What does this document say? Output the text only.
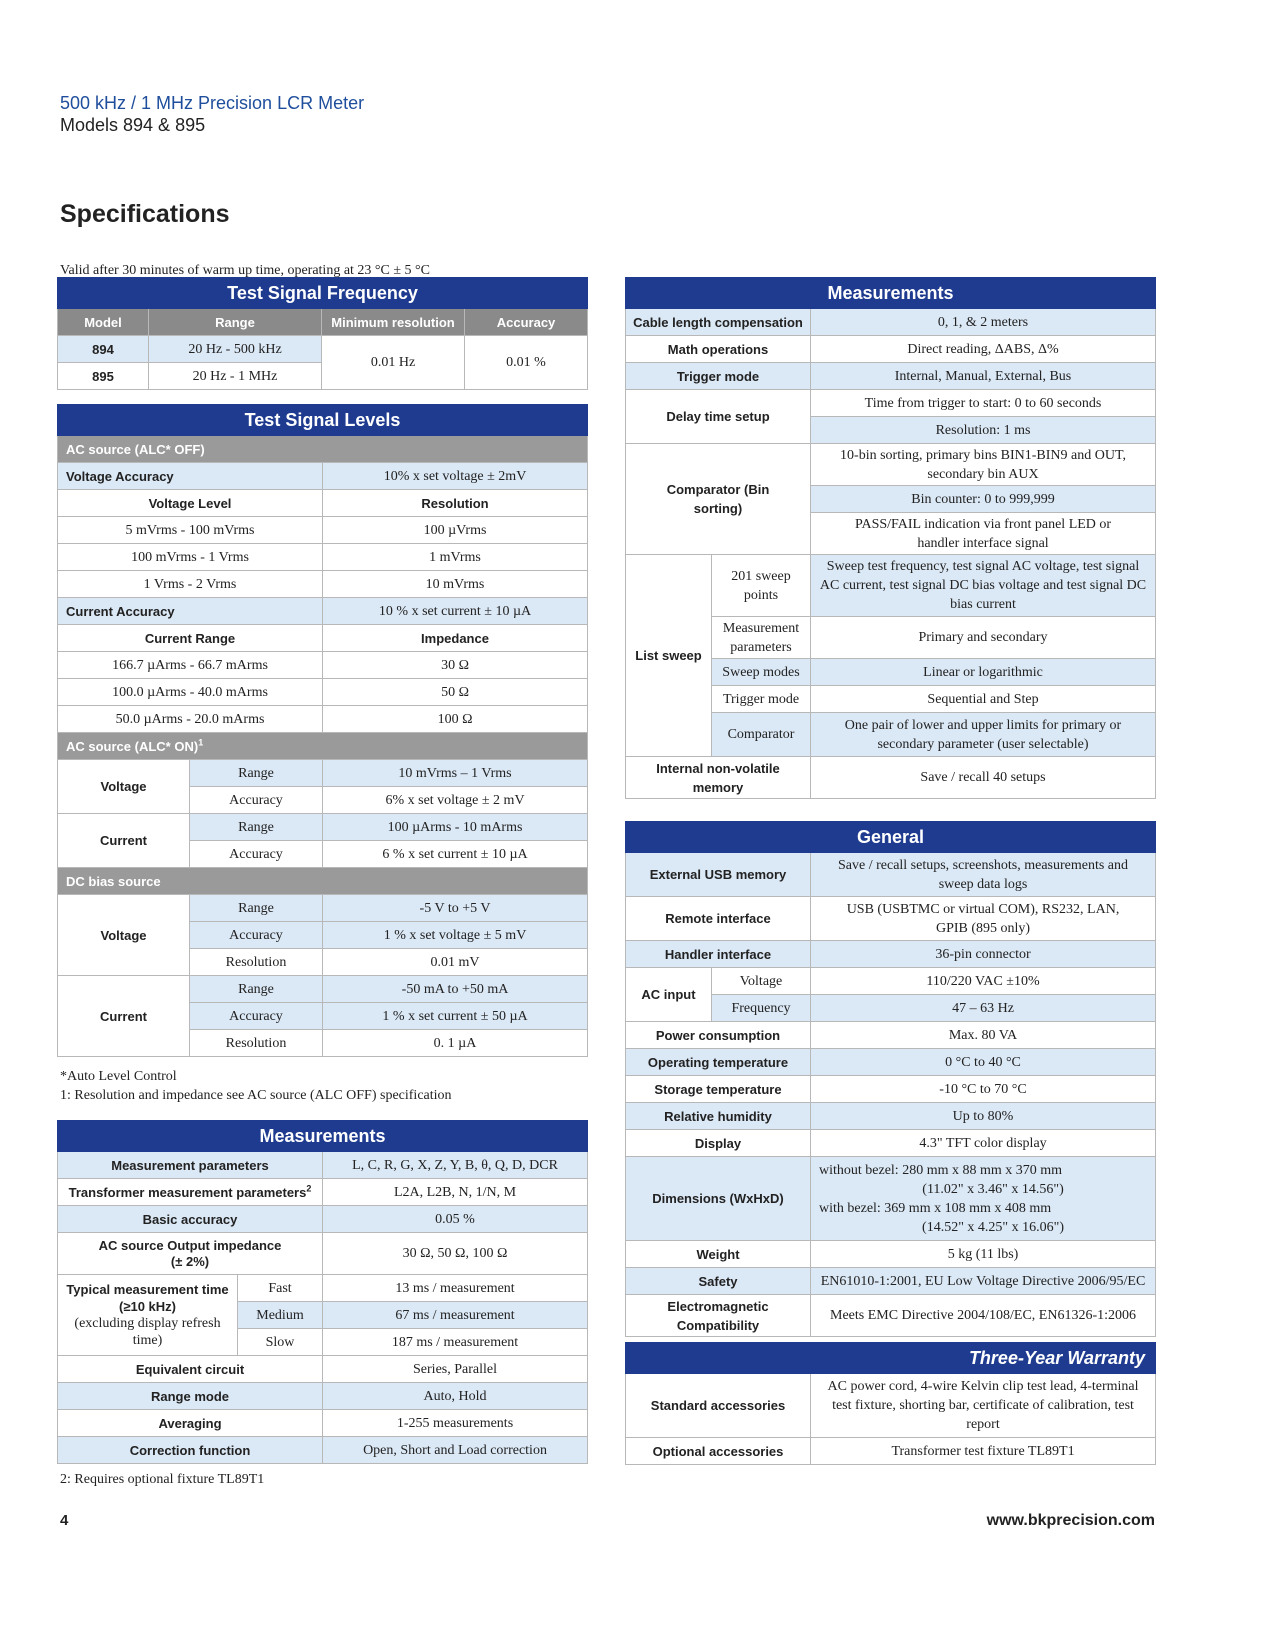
500 kHz / 1 MHz Precision LCR Meter
Models 894 & 895
Specifications
Valid after 30 minutes of warm up time, operating at 23 °C ± 5 °C
Test Signal Frequency			
Model	Range	Minimum resolution	Accuracy
894	20 Hz - 500 kHz	0.01 Hz	0.01 %
895	20 Hz - 1 MHz		
Test Signal Levels		
AC source (ALC* OFF)		
Voltage Accuracy		10% x set voltage ± 2mV
Voltage Level		Resolution
5 mVrms - 100 mVrms		100 µVrms
100 mVrms - 1 Vrms		1 mVrms
1 Vrms - 2 Vrms		10 mVrms
Current Accuracy		10 % x set current ± 10 µA
Current Range		Impedance
166.7 µArms - 66.7 mArms		30 Ω
100.0 µArms - 40.0 mArms		50 Ω
50.0 µArms - 20.0 mArms		100 Ω
AC source (ALC* ON)$^1$
Voltage	Range	10 mVrms – 1 Vrms
	Accuracy	6% x set voltage ± 2 mV
Current	Range	100 µArms - 10 mArms
	Accuracy	6 % x set current ± 10 µA
DC bias source		
Voltage	Range	-5 V to +5 V
	Accuracy	1 % x set voltage ± 5 mV
	Resolution	0.01 mV
Current	Range	-50 mA to +50 mA
	Accuracy	1 % x set current ± 50 µA
	Resolution	0. 1 µA
*Auto Level Control
1: Resolution and impedance see AC source (ALC OFF) specification
Measurements		
Measurement parameters		L, C, R, G, X, Z, Y, B, θ, Q, D, DCR
Transformer measurement parameters$^2$		L2A, L2B, N, 1/N, M
Basic accuracy		0.05 %
AC source Output impedance (± 2%)		30 Ω, 50 Ω, 100 Ω

Typical measurement time (≥10 kHz)
(excluding display refresh time)	Fast	13 ms / measurement
	Medium	67 ms / measurement
	Slow	187 ms / measurement
Equivalent circuit		Series, Parallel
Range mode		Auto, Hold
Averaging		1-255 measurements
Correction function		Open, Short and Load correction
2: Requires optional fixture TL89T1
Measurements		
Cable length compensation		0, 1, & 2 meters
Math operations		Direct reading, ΔABS, Δ%
Trigger mode		Internal, Manual, External, Bus
Delay time setup		Time from trigger to start: 0 to 60 seconds
		Resolution: 1 ms
Comparator (Bin sorting)		10-bin sorting, primary bins BIN1-BIN9 and OUT, secondary bin AUX
		Bin counter: 0 to 999,999
		PASS/FAIL indication via front panel LED or handler interface signal
List sweep	201 sweep points	Sweep test frequency, test signal AC voltage, test signal AC current, test signal DC bias voltage and test signal DC bias current
	Measurement parameters	Primary and secondary
	Sweep modes	Linear or logarithmic
	Trigger mode	Sequential and Step
	Comparator	One pair of lower and upper limits for primary or secondary parameter (user selectable)
Internal non-volatile memory		Save / recall 40 setups
General		
External USB memory		Save / recall setups, screenshots, measurements and sweep data logs
Remote interface		USB (USBTMC or virtual COM), RS232, LAN, GPIB (895 only)
Handler interface		36-pin connector
AC input	Voltage	110/220 VAC ±10%
	Frequency	47 – 63 Hz
Power consumption		Max. 80 VA
Operating temperature		0 °C to 40 °C
Storage temperature		-10 °C to 70 °C
Relative humidity		Up to 80%
Display		4.3" TFT color display
Dimensions (WxHxD)		without bezel: 280 mm x 88 mm x 370 mm
(11.02" x 3.46" x 14.56")
with bezel: 369 mm x 108 mm x 408 mm
(14.52" x 4.25" x 16.06")

Weight		5 kg (11 lbs)
Safety		EN61010-1:2001, EU Low Voltage Directive 2006/95/EC
Electromagnetic Compatibility		Meets EMC Directive 2004/108/EC, EN61326-1:2006
Three-Year Warranty	
Standard accessories	AC power cord, 4-wire Kelvin clip test lead, 4-terminal test fixture, shorting bar, certificate of calibration, test report
Optional accessories	Transformer test fixture TL89T1
4	www.bkprecision.com
